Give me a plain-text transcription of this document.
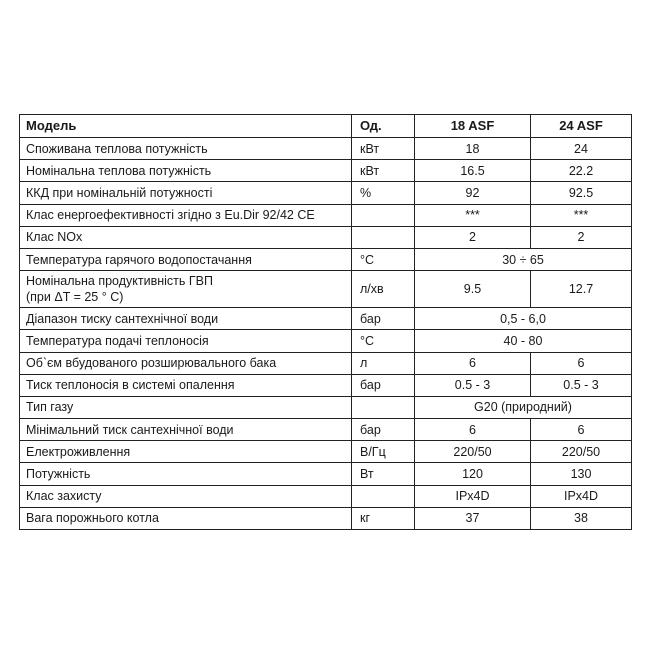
Модель	Од.	18 ASF	24 ASF
Споживана теплова потужність	кВт	18	24
Номінальна теплова потужність	кВт	16.5	22.2
ККД при номінальній потужності	%	92	92.5
Клас енергоефективності згідно з Eu.Dir 92/42 CE		***	***
Клас NOx		2	2
Температура гарячого водопостачання	°C	30 ÷ 65	

Номінальна продуктивність ГВП
(при ΔT = 25 ° C)	л/хв	9.5	12.7
Діапазон тиску сантехнічної води	бар	0,5 - 6,0	
Температура подачі теплоносія	°C	40 - 80	
Об`єм вбудованого розширювального бака	л	6	6
Тиск теплоносія в системі опалення	бар	0.5 - 3	0.5 - 3
Тип газу		G20 (природний)	
Мінімальний тиск сантехнічної води	бар	6	6
Електроживлення	В/Гц	220/50	220/50
Потужність	Вт	120	130
Клас захисту		IPx4D	IPx4D
Вага порожнього котла	кг	37	38
